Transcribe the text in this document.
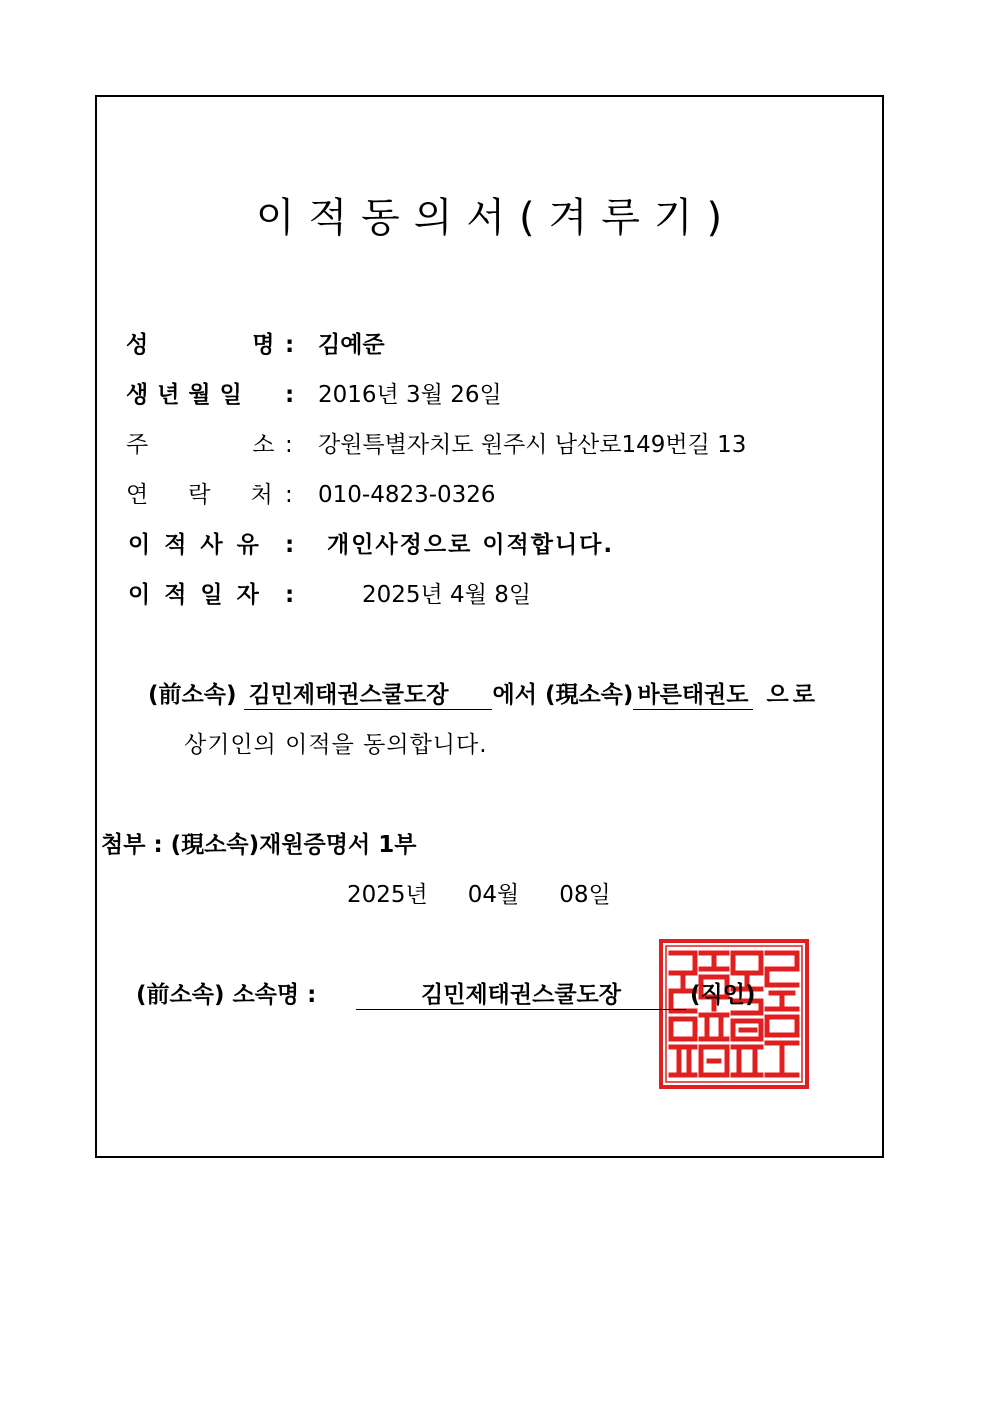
이적동의서(겨루기)
성	명 : 김예준
생년월일 : 2016년 3월 26일
주	소 : 강원특별자치도 원주시 남산로149번길 13
연 락 처 : 010-4823-0326
이적사유 : 개인사정으로 이적합니다.
이적일자 :	2025년 4월 8일
(前소속) 김민제태권스쿨도장 에서 (現소속) 바른태권도 으로
상기인의 이적을 동의합니다.
첨부 : (現소속)재원증명서 1부
2025년 04월 08일
(前소속) 소속명 :	김민제태권스쿨도장	(직인)
